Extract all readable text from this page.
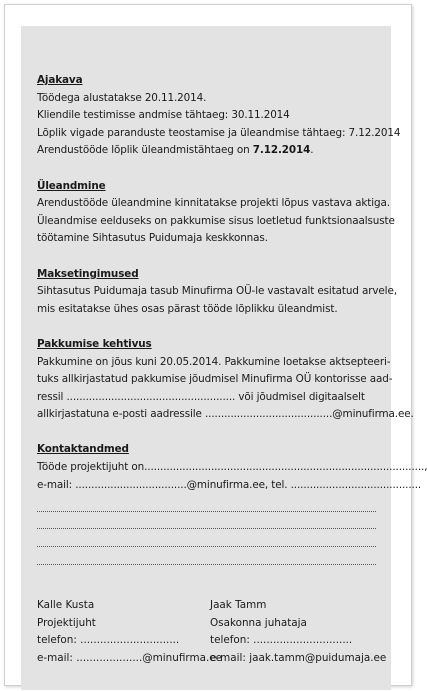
Ajakava
Töödega alustatakse 20.11.2014.
Kliendile testimisse andmise tähtaeg: 30.11.2014
Lõplik vigade paranduste teostamise ja üleandmise tähtaeg: 7.12.2014
Arendustööde lõplik üleandmistähtaeg on 7.12.2014.
Üleandmine
Arendustööde üleandmine kinnitatakse projekti lõpus vastava aktiga.
Üleandmise eelduseks on pakkumise sisus loetletud funktsionaalsuste
töötamine Sihtasutus Puidumaja keskkonnas.
Maksetingimused
Sihtasutus Puidumaja tasub Minufirma OÜ-le vastavalt esitatud arvele,
mis esitatakse ühes osas pärast tööde lõplikku üleandmist.
Pakkumise kehtivus
Pakkumine on jõus kuni 20.05.2014. Pakkumine loetakse aktsepteeri-
tuks allkirjastatud pakkumise jõudmisel Minufirma OÜ kontorisse aad-
ressil ..................................................... või jõudmisel digitaalselt
allkirjastatuna e-posti aadressile ........................................@minufirma.ee.
Kontaktandmed
Tööde projektijuht on........................................................................................,
e-mail: ...................................@minufirma.ee, tel. .........................................
Kalle Kusta
Projektijuht
telefon: ..............................
e-mail: ....................@minufirma.ee
Jaak Tamm
Osakonna juhataja
telefon: ..............................
e-mail: jaak.tamm@puidumaja.ee
